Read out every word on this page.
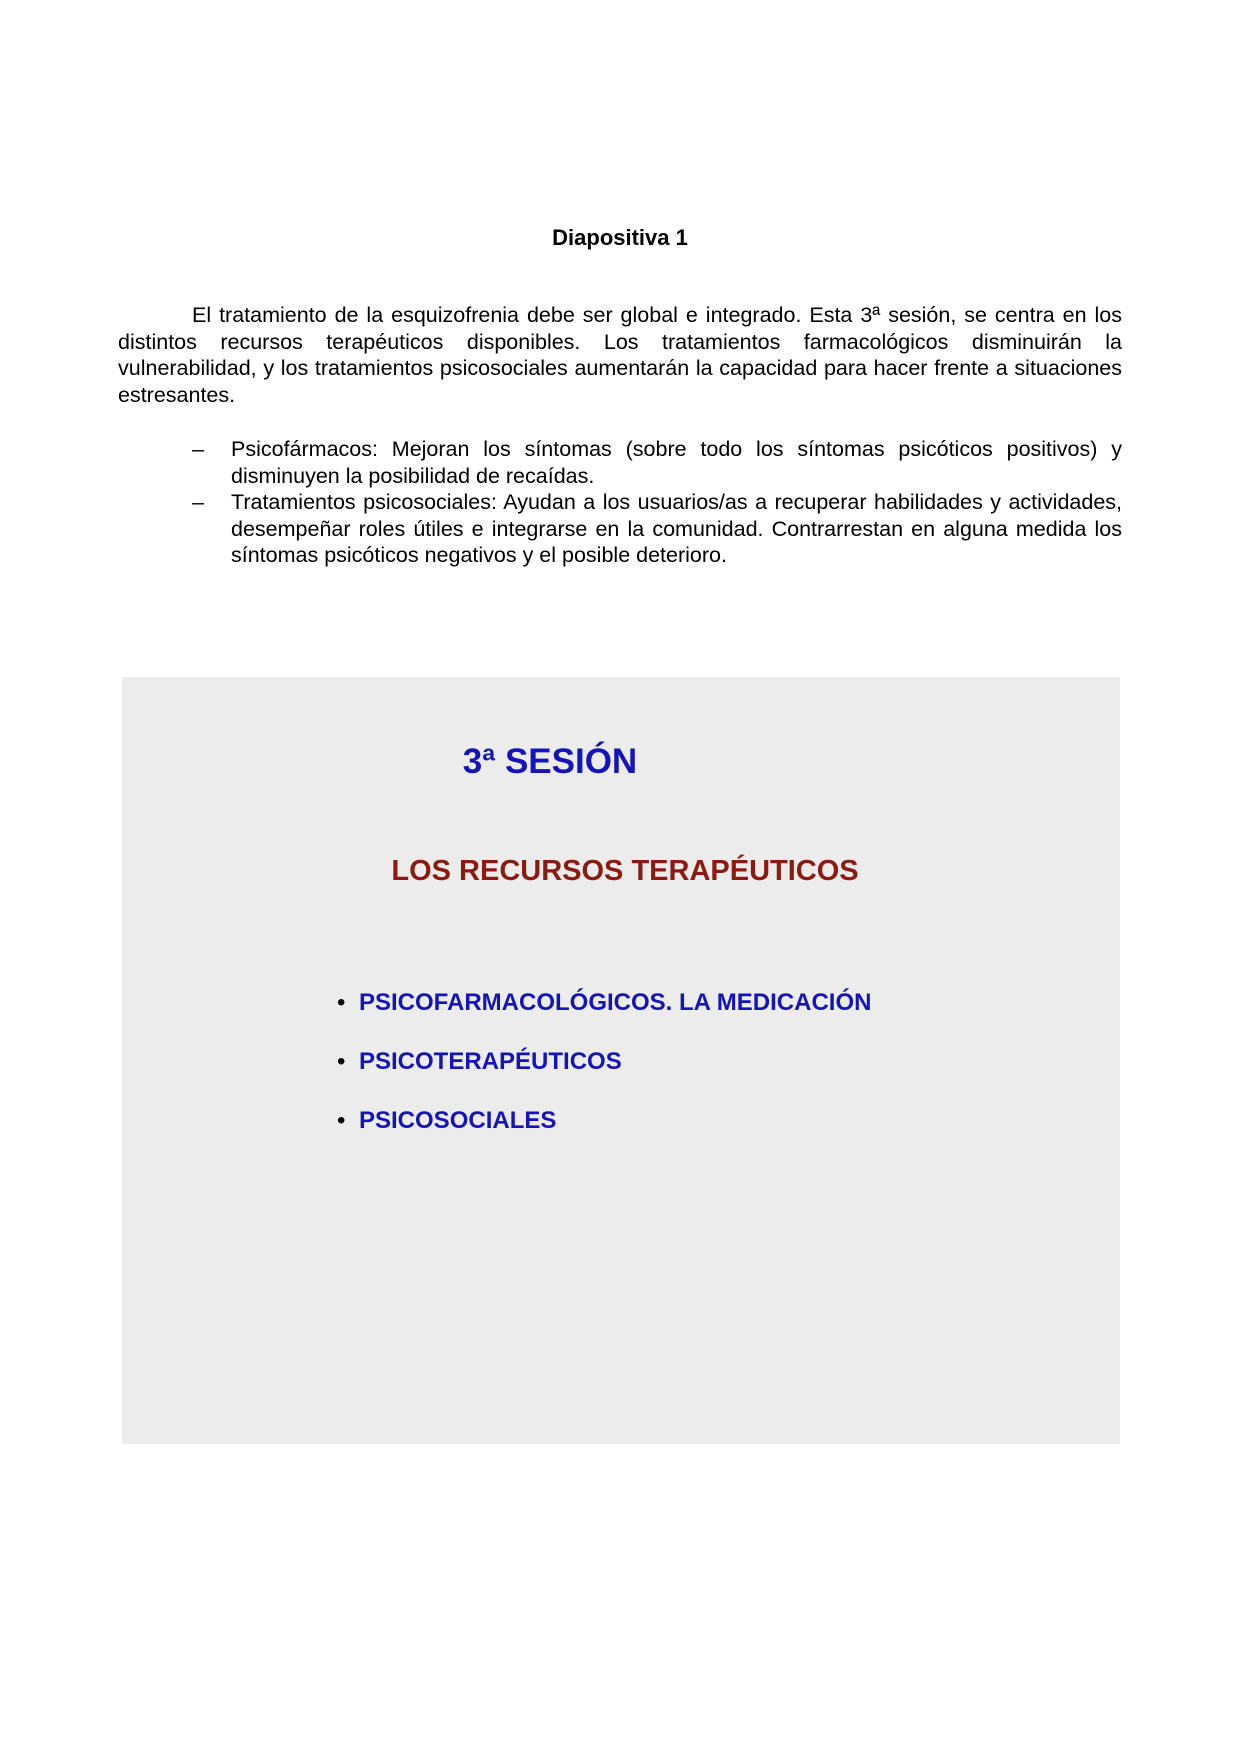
Diapositiva 1

El tratamiento de la esquizofrenia debe ser global e integrado. Esta 3ª sesión, se centra en los distintos recursos terapéuticos disponibles. Los tratamientos farmacológicos disminuirán la vulnerabilidad, y los tratamientos psicosociales aumentarán la capacidad para hacer frente a situaciones estresantes.

– Psicofármacos: Mejoran los síntomas (sobre todo los síntomas psicóticos positivos) y disminuyen la posibilidad de recaídas.
– Tratamientos psicosociales: Ayudan a los usuarios/as a recuperar habilidades y actividades, desempeñar roles útiles e integrarse en la comunidad. Contrarrestan en alguna medida los síntomas psicóticos negativos y el posible deterioro.
3ª SESIÓN
LOS RECURSOS TERAPÉUTICOS
• PSICOFARMACOLÓGICOS. LA MEDICACIÓN
• PSICOTERAPÉUTICOS
• PSICOSOCIALES
